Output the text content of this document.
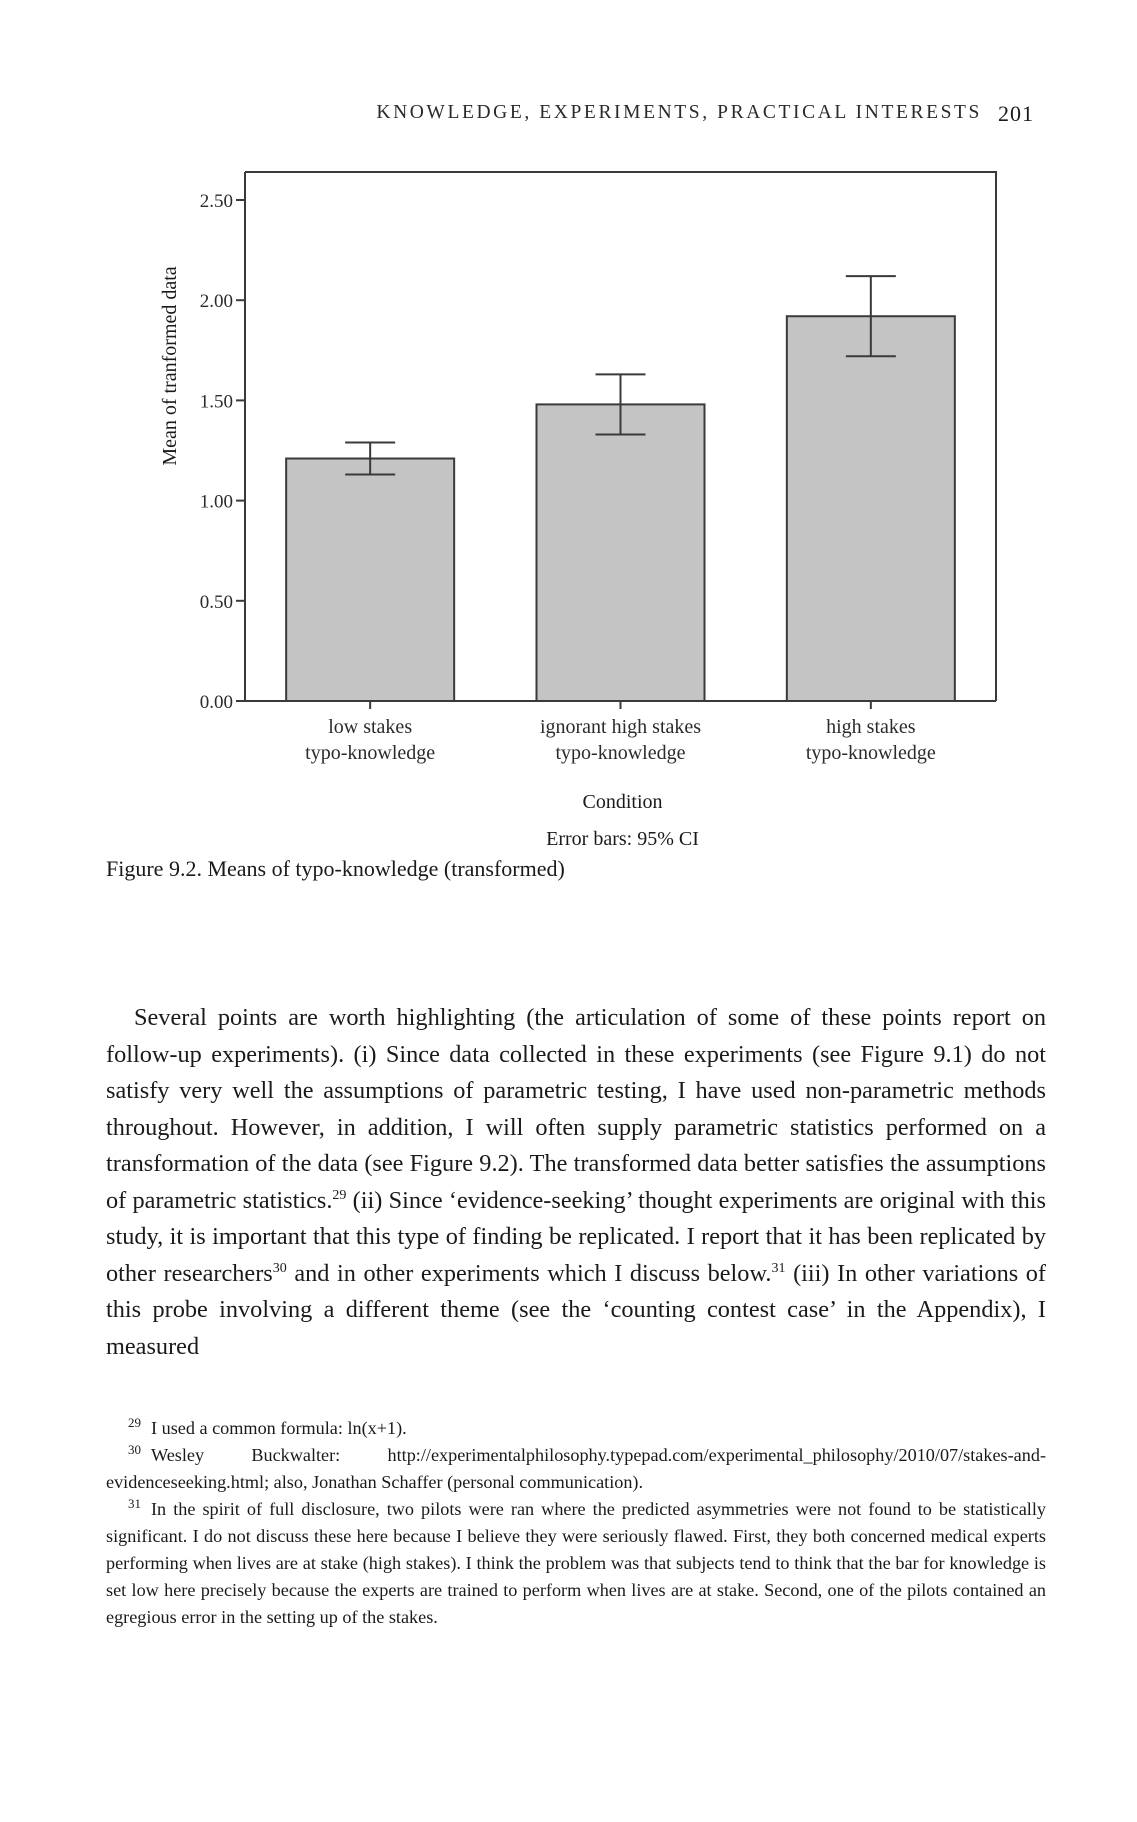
KNOWLEDGE, EXPERIMENTS, PRACTICAL INTERESTS 201
0.00
0.50
1.00
1.50
2.00
2.50
Mean of tranformed data
low stakes typo-knowledge
ignorant high stakes typo-knowledge
high stakes typo-knowledge
Condition
Error bars: 95% CI
Figure 9.2. Means of typo-knowledge (transformed)

Several points are worth highlighting (the articulation of some of these points report on follow-up experiments). (i) Since data collected in these experiments (see Figure 9.1) do not satisfy very well the assumptions of parametric testing, I have used non-parametric methods throughout. However, in addition, I will often supply parametric statistics performed on a transformation of the data (see Figure 9.2). The transformed data better satisfies the assumptions of parametric statistics.$^{29}$ (ii) Since ‘evidence-seeking’ thought experiments are original with this study, it is important that this type of finding be replicated. I report that it has been replicated by other researchers$^{30}$ and in other experiments which I discuss below.$^{31}$ (iii) In other variations of this probe involving a different theme (see the ‘counting contest case’ in the Appendix), I measured

$^{29}$ I used a common formula: ln(x+1).

$^{30}$ Wesley Buckwalter: http://experimentalphilosophy.typepad.com/experimental_philosophy/2010/07/stakes-and-evidenceseeking.html; also, Jonathan Schaffer (personal communication).

$^{31}$ In the spirit of full disclosure, two pilots were ran where the predicted asymmetries were not found to be statistically significant. I do not discuss these here because I believe they were seriously flawed. First, they both concerned medical experts performing when lives are at stake (high stakes). I think the problem was that subjects tend to think that the bar for knowledge is set low here precisely because the experts are trained to perform when lives are at stake. Second, one of the pilots contained an egregious error in the setting up of the stakes.
